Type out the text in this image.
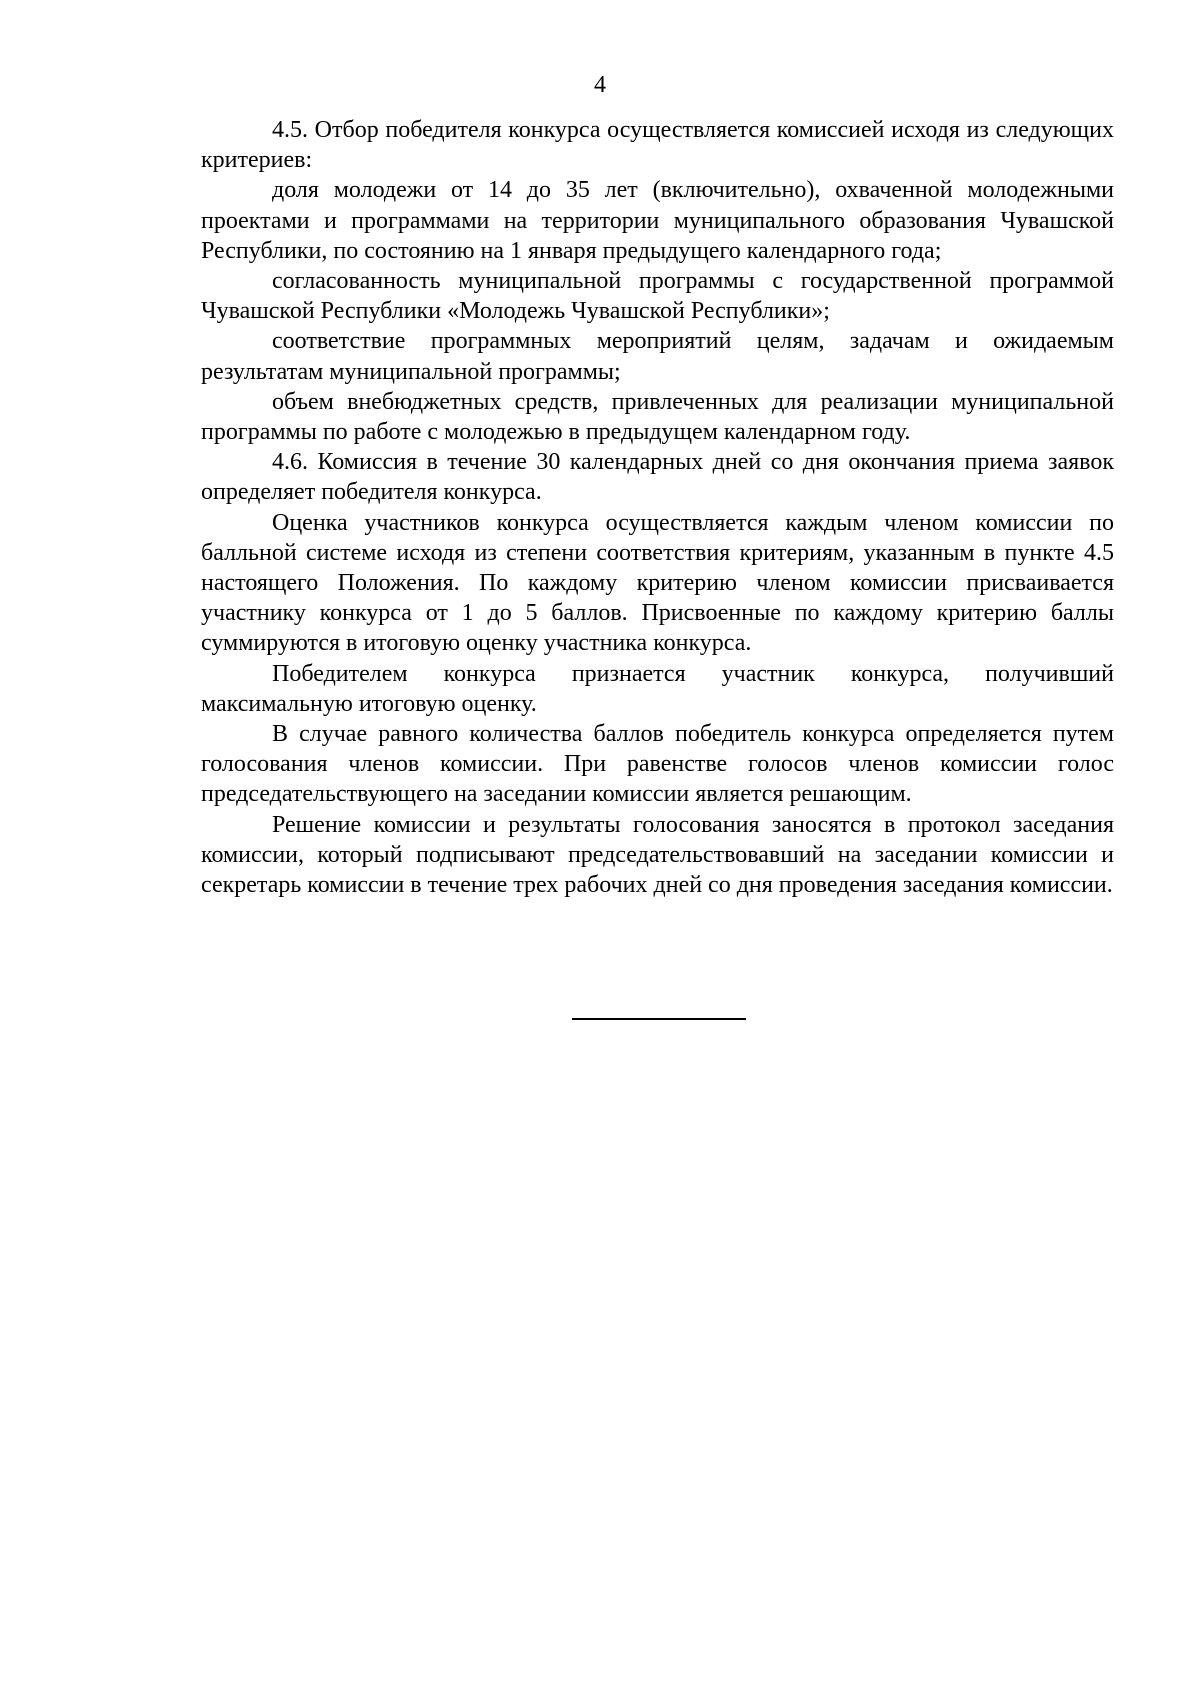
4

4.5. Отбор победителя конкурса осуществляется комиссией исходя из следующих критериев:

доля молодежи от 14 до 35 лет (включительно), охваченной молодежными проектами и программами на территории муниципального образования Чувашской Республики, по состоянию на 1 января предыдущего календарного года;

согласованность муниципальной программы с государственной программой Чувашской Республики «Молодежь Чувашской Республики»;

соответствие программных мероприятий целям, задачам и ожидаемым результатам муниципальной программы;

объем внебюджетных средств, привлеченных для реализации муниципальной программы по работе с молодежью в предыдущем календарном году.

4.6. Комиссия в течение 30 календарных дней со дня окончания приема заявок определяет победителя конкурса.

Оценка участников конкурса осуществляется каждым членом комиссии по балльной системе исходя из степени соответствия критериям, указанным в пункте 4.5 настоящего Положения. По каждому критерию членом комиссии присваивается участнику конкурса от 1 до 5 баллов. Присвоенные по каждому критерию баллы суммируются в итоговую оценку участника конкурса.

Победителем конкурса признается участник конкурса, получивший максимальную итоговую оценку.

В случае равного количества баллов победитель конкурса определяется путем голосования членов комиссии. При равенстве голосов членов комиссии голос председательствующего на заседании комиссии является решающим.

Решение комиссии и результаты голосования заносятся в протокол заседания комиссии, который подписывают председательствовавший на заседании комиссии и секретарь комиссии в течение трех рабочих дней со дня проведения заседания комиссии.
